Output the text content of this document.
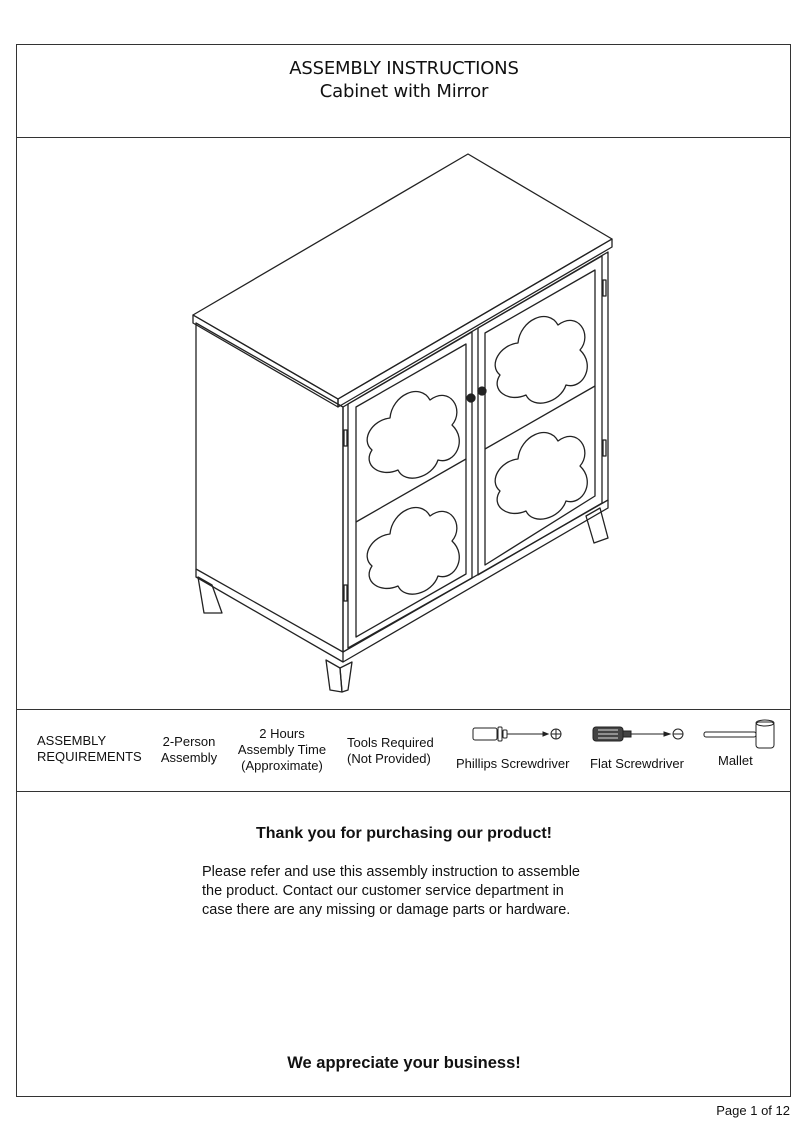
ASSEMBLY INSTRUCTIONS
Cabinet with Mirror
ASSEMBLY
REQUIREMENTS
2-Person
Assembly
2 Hours
Assembly Time
(Approximate)
Tools Required
(Not Provided) Phillips Screwdriver Flat Screwdriver	Mallet
Thank you for purchasing our product!
Please refer and use this assembly instruction to assemble
the product. Contact our customer service department in
case there are any missing or damage parts or hardware.
We appreciate your business!
Page 1 of 12
